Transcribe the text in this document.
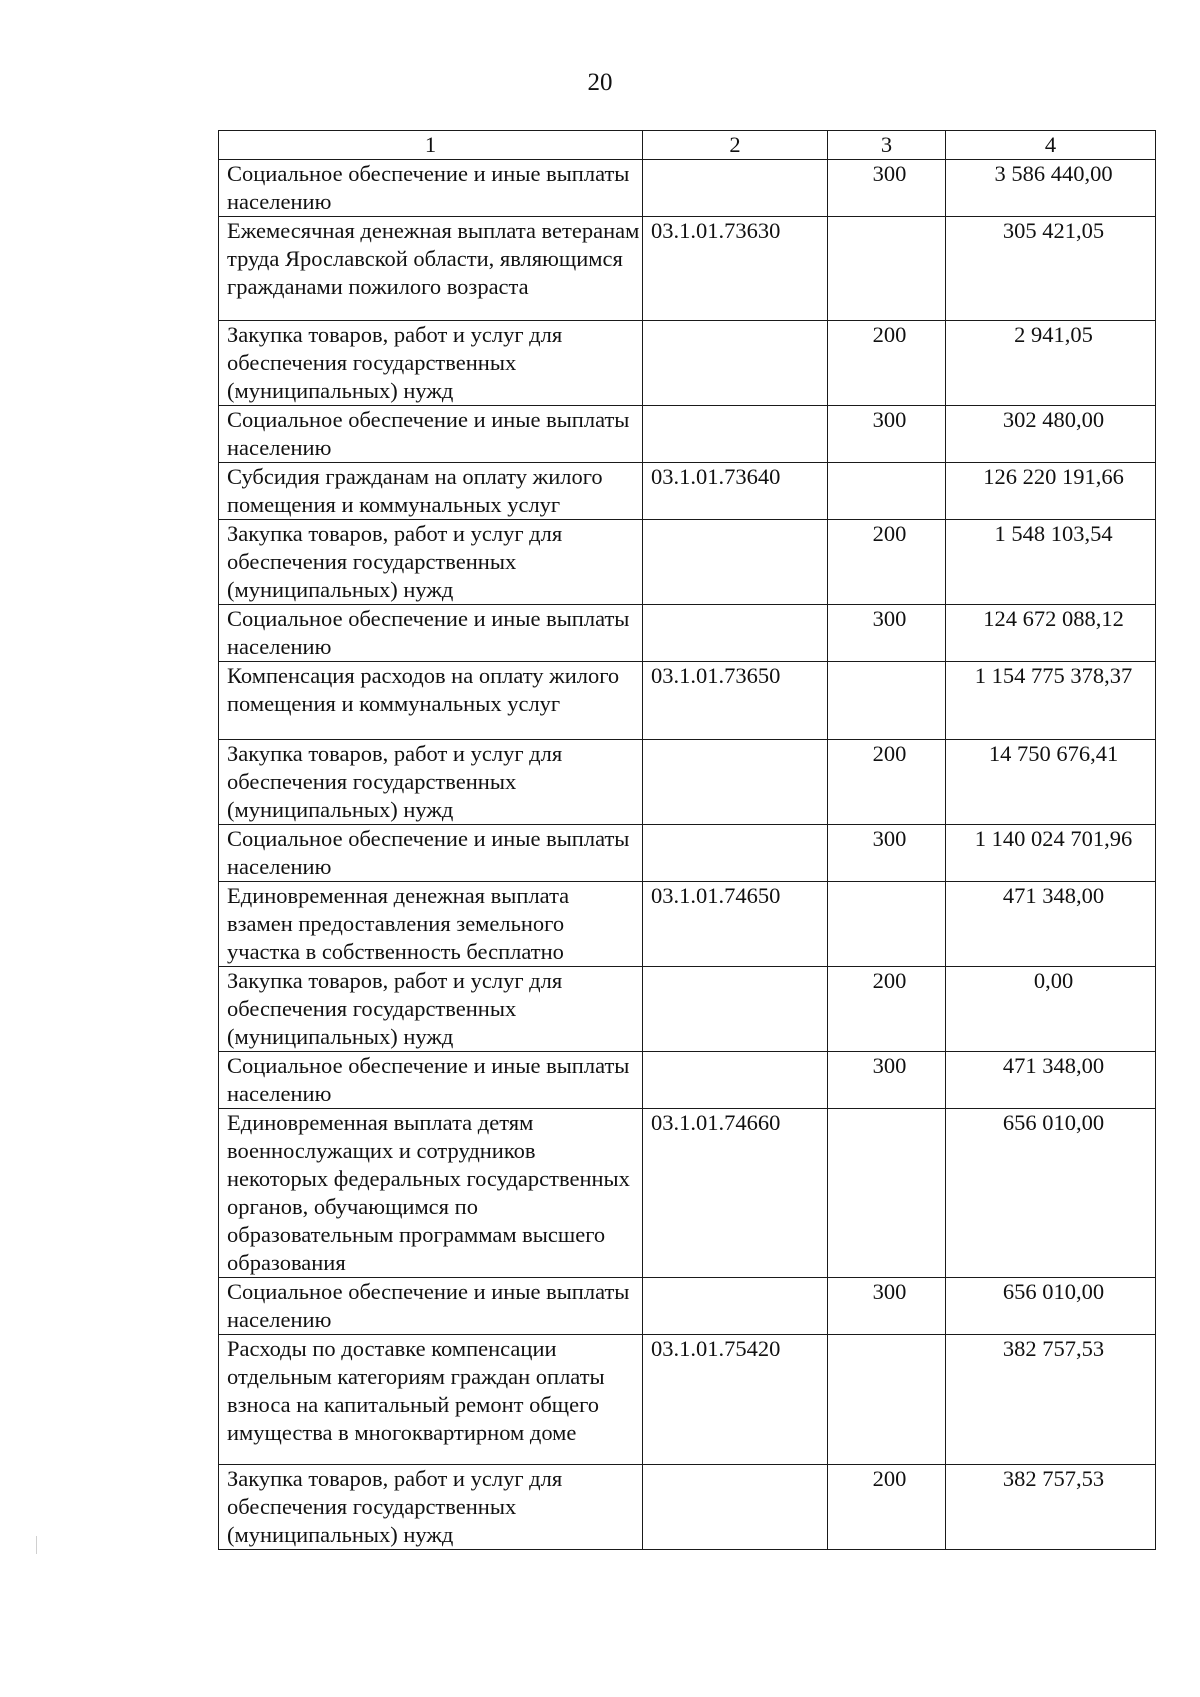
20
1	2	3	4
Социальное обеспечение и иные выплаты населению		300	3 586 440,00
Ежемесячная денежная выплата ветеранам труда Ярославской области, являющимся гражданами пожилого возраста	03.1.01.73630		305 421,05
Закупка товаров, работ и услуг для обеспечения государственных (муниципальных) нужд		200	2 941,05
Социальное обеспечение и иные выплаты населению		300	302 480,00
Субсидия гражданам на оплату жилого помещения и коммунальных услуг	03.1.01.73640		126 220 191,66
Закупка товаров, работ и услуг для обеспечения государственных (муниципальных) нужд		200	1 548 103,54
Социальное обеспечение и иные выплаты населению		300	124 672 088,12
Компенсация расходов на оплату жилого помещения и коммунальных услуг	03.1.01.73650		1 154 775 378,37
Закупка товаров, работ и услуг для обеспечения государственных (муниципальных) нужд		200	14 750 676,41
Социальное обеспечение и иные выплаты населению		300	1 140 024 701,96
Единовременная денежная выплата взамен предоставления земельного участка в собственность бесплатно	03.1.01.74650		471 348,00
Закупка товаров, работ и услуг для обеспечения государственных (муниципальных) нужд		200	0,00
Социальное обеспечение и иные выплаты населению		300	471 348,00
Единовременная выплата детям военнослужащих и сотрудников некоторых федеральных государственных органов, обучающимся по образовательным программам высшего образования	03.1.01.74660		656 010,00
Социальное обеспечение и иные выплаты населению		300	656 010,00
Расходы по доставке компенсации отдельным категориям граждан оплаты взноса на капитальный ремонт общего имущества в многоквартирном доме	03.1.01.75420		382 757,53
Закупка товаров, работ и услуг для обеспечения государственных (муниципальных) нужд		200	382 757,53
